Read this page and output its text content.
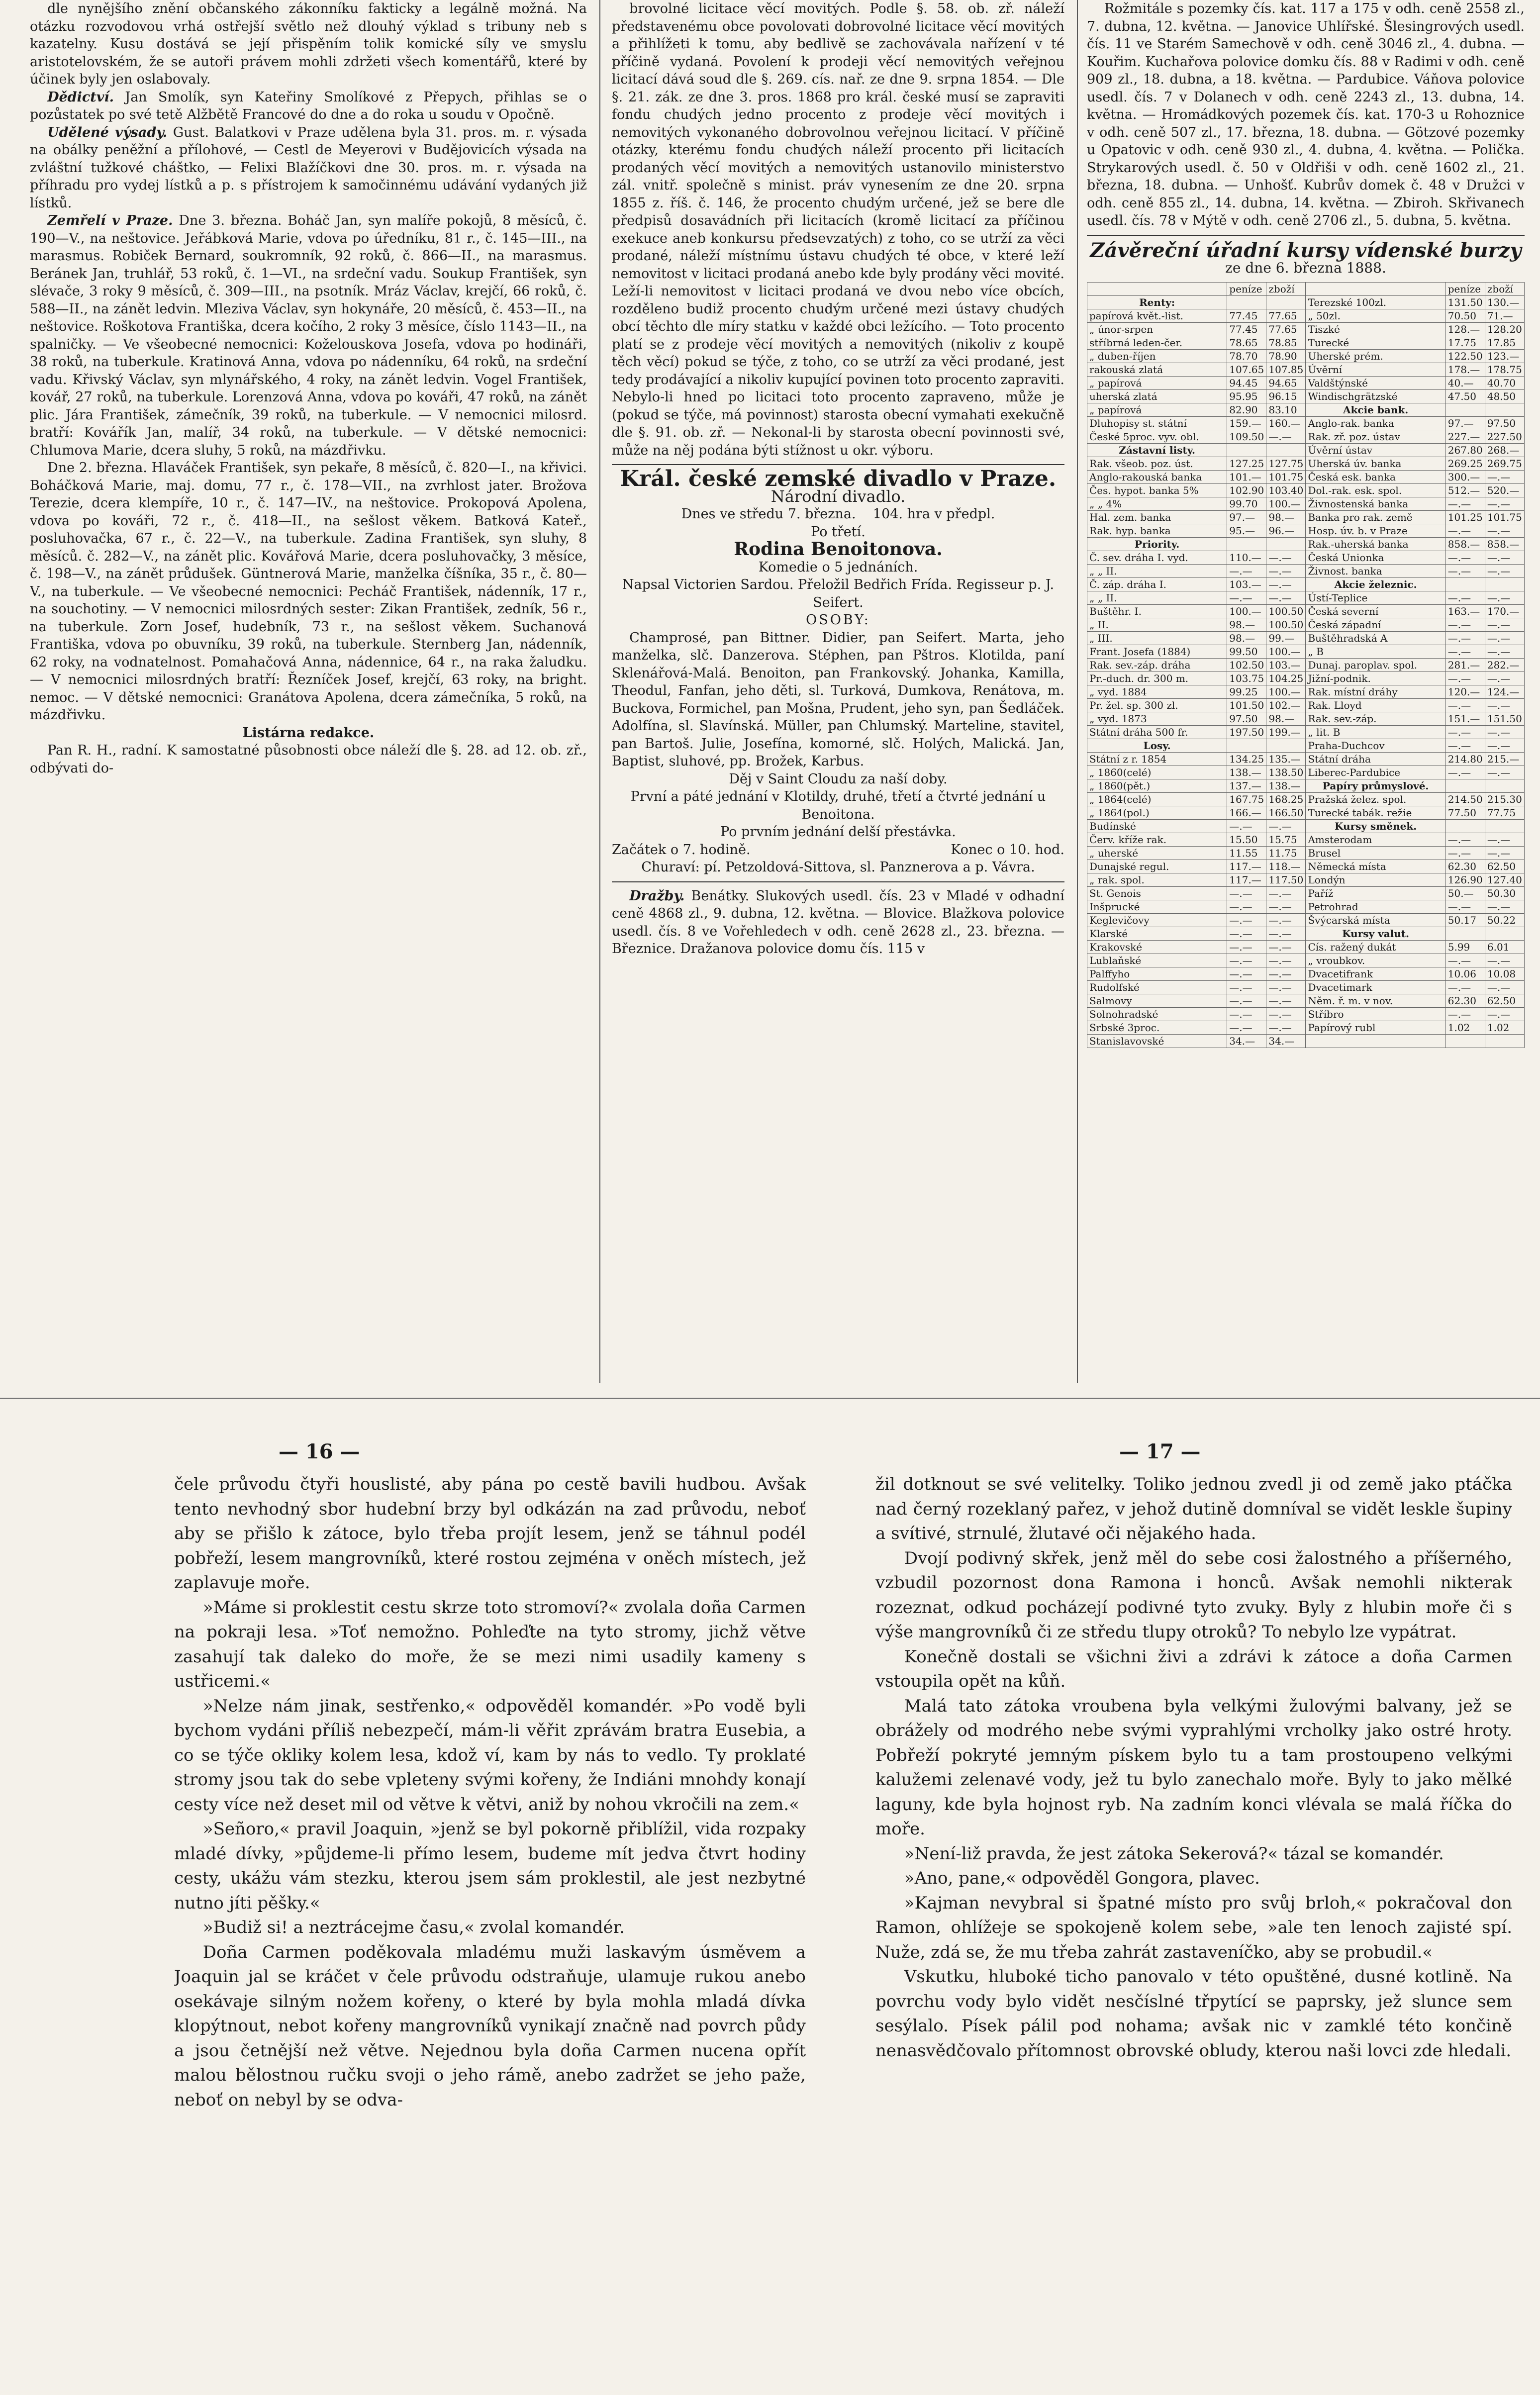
dle nynějšího znění občanského zákonníku fakticky a legálně možná. Na otázku rozvodovou vrhá ostřejší světlo než dlouhý výklad s tribuny neb s kazatelny. Kusu dostává se její přispěním tolik komické síly ve smyslu aristotelovském, že se autoři právem mohli zdržeti všech komentářů, které by účinek byly jen oslabovaly.

Dědictví. Jan Smolík, syn Kateřiny Smolíkové z Přepych, přihlas se o pozůstatek po své tetě Alžbětě Francové do dne a do roka u soudu v Opočně.

Udělené výsady. Gust. Balatkovi v Praze udělena byla 31. pros. m. r. výsada na obálky peněžní a přílohové, — Cestl de Meyerovi v Budějovicích výsada na zvláštní tužkové cháštko, — Felixi Blažíčkovi dne 30. pros. m. r. výsada na příhradu pro vydej lístků a p. s přístrojem k samočinnému udávání vydaných již lístků.

Zemřelí v Praze. Dne 3. března. Boháč Jan, syn malíře pokojů, 8 měsíců, č. 190—V., na neštovice. Jeřábková Marie, vdova po úředníku, 81 r., č. 145—III., na marasmus. Robiček Bernard, soukromník, 92 roků, č. 866—II., na marasmus. Beránek Jan, truhlář, 53 roků, č. 1—VI., na srdeční vadu. Soukup František, syn slévače, 3 roky 9 měsíců, č. 309—III., na psotník. Mráz Václav, krejčí, 66 roků, č. 588—II., na zánět ledvin. Mleziva Václav, syn hokynáře, 20 měsíců, č. 453—II., na neštovice. Roškotova Františka, dcera kočího, 2 roky 3 měsíce, číslo 1143—II., na spalničky. — Ve všeobecné nemocnici: Koželouskova Josefa, vdova po hodináři, 38 roků, na tuberkule. Kratinová Anna, vdova po nádenníku, 64 roků, na srdeční vadu. Křivský Václav, syn mlynářského, 4 roky, na zánět ledvin. Vogel František, kovář, 27 roků, na tuberkule. Lorenzová Anna, vdova po kováři, 47 roků, na zánět plic. Jára František, zámečník, 39 roků, na tuberkule. — V nemocnici milosrd. bratří: Kovářík Jan, malíř, 34 roků, na tuberkule. — V dětské nemocnici: Chlumova Marie, dcera sluhy, 5 roků, na mázdřivku.

Dne 2. března. Hlaváček František, syn pekaře, 8 měsíců, č. 820—I., na křivici. Boháčková Marie, maj. domu, 77 r., č. 178—VII., na zvrhlost jater. Brožova Terezie, dcera klempíře, 10 r., č. 147—IV., na neštovice. Prokopová Apolena, vdova po kováři, 72 r., č. 418—II., na sešlost věkem. Batková Kateř., posluhovačka, 67 r., č. 22—V., na tuberkule. Zadina František, syn sluhy, 8 měsíců. č. 282—V., na zánět plic. Kovářová Marie, dcera posluhovačky, 3 měsíce, č. 198—V., na zánět průdušek. Güntnerová Marie, manželka číšníka, 35 r., č. 80—V., na tuberkule. — Ve všeobecné nemocnici: Pecháč František, nádenník, 17 r., na souchotiny. — V nemocnici milosrdných sester: Zikan František, zedník, 56 r., na tuberkule. Zorn Josef, hudebník, 73 r., na sešlost věkem. Suchanová Františka, vdova po obuvníku, 39 roků, na tuberkule. Sternberg Jan, nádenník, 62 roky, na vodnatelnost. Pomahačová Anna, nádennice, 64 r., na raka žaludku. — V nemocnici milosrdných bratří: Řezníček Josef, krejčí, 63 roky, na bright. nemoc. — V dětské nemocnici: Granátova Apolena, dcera zámečníka, 5 roků, na mázdřivku.

Listárna redakce.

Pan R. H., radní. K samostatné působnosti obce náleží dle §. 28. ad 12. ob. zř., odbývati do-

brovolné licitace věcí movitých. Podle §. 58. ob. zř. náleží představenému obce povolovati dobrovolné licitace věcí movitých a přihlížeti k tomu, aby bedlivě se zachovávala nařízení v té příčině vydaná. Povolení k prodeji věcí nemovitých veřejnou licitací dává soud dle §. 269. cís. nař. ze dne 9. srpna 1854. — Dle §. 21. zák. ze dne 3. pros. 1868 pro král. české musí se zapraviti fondu chudých jedno procento z prodeje věcí movitých i nemovitých vykonaného dobrovolnou veřejnou licitací. V příčině otázky, kterému fondu chudých náleží procento při licitacích prodaných věcí movitých a nemovitých ustanovilo ministerstvo zál. vnitř. společně s minist. práv vynesením ze dne 20. srpna 1855 z. říš. č. 146, že procento chudým určené, jež se bere dle předpisů dosavádních při licitacích (kromě licitací za příčinou exekuce aneb konkursu předsevzatých) z toho, co se utrží za věci prodané, náleží místnímu ústavu chudých té obce, v které leží nemovitost v licitaci prodaná anebo kde byly prodány věci movité. Leží-li nemovitost v licitaci prodaná ve dvou nebo více obcích, rozděleno budiž procento chudým určené mezi ústavy chudých obcí těchto dle míry statku v každé obci ležícího. — Toto procento platí se z prodeje věcí movitých a nemovitých (nikoliv z koupě těch věcí) pokud se týče, z toho, co se utrží za věci prodané, jest tedy prodávající a nikoliv kupující povinen toto procento zapraviti. Nebylo-li hned po licitaci toto procento zapraveno, může je (pokud se týče, má povinnost) starosta obecní vymahati exekučně dle §. 91. ob. zř. — Nekonal-li by starosta obecní povinnosti své, může na něj podána býti stížnost u okr. výboru.

Král. české zemské divadlo v Praze.

Národní divadlo.

Dnes ve středu 7. března. 104. hra v předpl.

Po třetí.

Rodina Benoitonova.

Komedie o 5 jednáních.

Napsal Victorien Sardou. Přeložil Bedřich Frída. Regisseur p. J. Seifert.

OSOBY:

Champrosé, pan Bittner. Didier, pan Seifert. Marta, jeho manželka, slč. Danzerova. Stéphen, pan Pštros. Klotilda, paní Sklenářová-Malá. Benoiton, pan Frankovský. Johanka, Kamilla, Theodul, Fanfan, jeho děti, sl. Turková, Dumkova, Renátova, m. Buckova, Formichel, pan Mošna, Prudent, jeho syn, pan Šedláček. Adolfína, sl. Slavínská. Müller, pan Chlumský. Marteline, stavitel, pan Bartoš. Julie, Josefína, komorné, slč. Holých, Malická. Jan, Baptist, sluhové, pp. Brožek, Karbus.

Děj v Saint Cloudu za naší doby.

První a páté jednání v Klotildy, druhé, třetí a čtvrté jednání u Benoitona.

Po prvním jednání delší přestávka.

Začátek o 7. hodině.	Konec o 10. hod.

Churaví: pí. Petzoldová-Sittova, sl. Panznerova a p. Vávra.

Dražby. Benátky. Slukových usedl. čís. 23 v Mladé v odhadní ceně 4868 zl., 9. dubna, 12. května. — Blovice. Blažkova polovice usedl. čís. 8 ve Vořehledech v odh. ceně 2628 zl., 23. března. — Březnice. Dražanova polovice domu čís. 115 v

Rožmitále s pozemky čís. kat. 117 a 175 v odh. ceně 2558 zl., 7. dubna, 12. května. — Janovice Uhlířské. Šlesingrových usedl. čís. 11 ve Starém Samechově v odh. ceně 3046 zl., 4. dubna. — Kouřim. Kuchařova polovice domku čís. 88 v Radimi v odh. ceně 909 zl., 18. dubna, a 18. května. — Pardubice. Váňova polovice usedl. čís. 7 v Dolanech v odh. ceně 2243 zl., 13. dubna, 14. května. — Hromádkových pozemek čís. kat. 170-3 u Rohoznice v odh. ceně 507 zl., 17. března, 18. dubna. — Götzové pozemky u Opatovic v odh. ceně 930 zl., 4. dubna, 4. května. — Polička. Strykarových usedl. č. 50 v Oldřiši v odh. ceně 1602 zl., 21. března, 18. dubna. — Unhošť. Kubrův domek č. 48 v Družci v odh. ceně 855 zl., 14. dubna, 14. května. — Zbiroh. Skřivanech usedl. čís. 78 v Mýtě v odh. ceně 2706 zl., 5. dubna, 5. května.

Závěreční úřadní kursy vídenské burzy
ze dne 6. března 1888.
	peníze	zboží		peníze	zboží
Renty:			Terezské 100zl.	131.50	130.—
papírová květ.-list.	77.45	77.65	„ 50zl.	70.50	71.—
„ únor-srpen	77.45	77.65	Tiszké	128.—	128.20
stříbrná leden-čer.	78.65	78.85	Turecké	17.75	17.85
„ duben-říjen	78.70	78.90	Uherské prém.	122.50	123.—
rakouská zlatá	107.65	107.85	Úvěrní	178.—	178.75
„ papírová	94.45	94.65	Valdštýnské	40.—	40.70
uherská zlatá	95.95	96.15	Windischgrätzské	47.50	48.50
„ papírová	82.90	83.10	Akcie bank.		
Dluhopisy st. státní	159.—	160.—	Anglo-rak. banka	97.—	97.50
České 5proc. vyv. obl.	109.50	—.—	Rak. zř. poz. ústav	227.—	227.50
Zástavní listy.			Úvěrní ústav	267.80	268.—
Rak. všeob. poz. úst.	127.25	127.75	Uherská úv. banka	269.25	269.75
Anglo-rakouská banka	101.—	101.75	Česká esk. banka	300.—	—.—
Čes. hypot. banka 5%	102.90	103.40	Dol.-rak. esk. spol.	512.—	520.—
„ „ 4%	99.70	100.—	Živnostenská banka	—.—	—.—
Hal. zem. banka	97.—	98.—	Banka pro rak. země	101.25	101.75
Rak. hyp. banka	95.—	96.—	Hosp. úv. b. v Praze	—.—	—.—
Priority.			Rak.-uherská banka	858.—	858.—
Č. sev. dráha I. vyd.	110.—	—.—	Česká Unionka	—.—	—.—
„ „ II.	—.—	—.—	Živnost. banka	—.—	—.—
Č. záp. dráha I.	103.—	—.—	Akcie železnic.		
„ „ II.	—.—	—.—	Ústí-Teplice	—.—	—.—
Buštěhr. I.	100.—	100.50	Česká severní	163.—	170.—
„ II.	98.—	100.50	Česká západní	—.—	—.—
„ III.	98.—	99.—	Buštěhradská A	—.—	—.—
Frant. Josefa (1884)	99.50	100.—	„ B	—.—	—.—
Rak. sev.-záp. dráha	102.50	103.—	Dunaj. paroplav. spol.	281.—	282.—
Pr.-duch. dr. 300 m.	103.75	104.25	Jižní-podnik.	—.—	—.—
„ vyd. 1884	99.25	100.—	Rak. místní dráhy	120.—	124.—
Pr. žel. sp. 300 zl.	101.50	102.—	Rak. Lloyd	—.—	—.—
„ vyd. 1873	97.50	98.—	Rak. sev.-záp.	151.—	151.50
Státní dráha 500 fr.	197.50	199.—	„ lit. B	—.—	—.—
Losy.			Praha-Duchcov	—.—	—.—
Státní z r. 1854	134.25	135.—	Státní dráha	214.80	215.—
„ 1860(celé)	138.—	138.50	Liberec-Pardubice	—.—	—.—
„ 1860(pět.)	137.—	138.—	Papíry průmyslové.		
„ 1864(celé)	167.75	168.25	Pražská želez. spol.	214.50	215.30
„ 1864(pol.)	166.—	166.50	Turecké tabák. režie	77.50	77.75
Budínské	—.—	—.—	Kursy směnek.		
Červ. kříže rak.	15.50	15.75	Amsterodam	—.—	—.—
„ uherské	11.55	11.75	Brusel	—.—	—.—
Dunajské regul.	117.—	118.—	Německá místa	62.30	62.50
„ rak. spol.	117.—	117.50	Londýn	126.90	127.40
St. Genois	—.—	—.—	Paříž	50.—	50.30
Inšprucké	—.—	—.—	Petrohrad	—.—	—.—
Keglevičovy	—.—	—.—	Švýcarská místa	50.17	50.22
Klarské	—.—	—.—	Kursy valut.		
Krakovské	—.—	—.—	Cís. ražený dukát	5.99	6.01
Lublaňské	—.—	—.—	„ vroubkov.	—.—	—.—
Palffyho	—.—	—.—	Dvacetifrank	10.06	10.08
Rudolfské	—.—	—.—	Dvacetimark	—.—	—.—
Salmovy	—.—	—.—	Něm. ř. m. v nov.	62.30	62.50
Solnohradské	—.—	—.—	Stříbro	—.—	—.—
Srbské 3proc.	—.—	—.—	Papírový rubl	1.02	1.02
Stanislavovské	34.—	34.—			
— 16 —	— 17 —

čele průvodu čtyři houslisté, aby pána po cestě bavili hudbou. Avšak tento nevhodný sbor hudební brzy byl odkázán na zad průvodu, neboť aby se přišlo k zátoce, bylo třeba projít lesem, jenž se táhnul podél pobřeží, lesem mangrovníků, které rostou zejména v oněch místech, jež zaplavuje moře.

»Máme si proklestit cestu skrze toto stromoví?« zvolala doña Carmen na pokraji lesa. »Toť nemožno. Pohleďte na tyto stromy, jichž větve zasahují tak daleko do moře, že se mezi nimi usadily kameny s ustřicemi.«

»Nelze nám jinak, sestřenko,« odpověděl komandér. »Po vodě byli bychom vydáni příliš nebezpečí, mám-li věřit zprávám bratra Eusebia, a co se týče okliky kolem lesa, kdož ví, kam by nás to vedlo. Ty proklaté stromy jsou tak do sebe vpleteny svými kořeny, že Indiáni mnohdy konají cesty více než deset mil od větve k větvi, aniž by nohou vkročili na zem.«

»Señoro,« pravil Joaquin, »jenž se byl pokorně přiblížil, vida rozpaky mladé dívky, »půjdeme-li přímo lesem, budeme mít jedva čtvrt hodiny cesty, ukážu vám stezku, kterou jsem sám proklestil, ale jest nezbytné nutno jíti pěšky.«

»Budiž si! a neztrácejme času,« zvolal komandér.

Doña Carmen poděkovala mladému muži laskavým úsměvem a Joaquin jal se kráčet v čele průvodu odstraňuje, ulamuje rukou anebo osekávaje silným nožem kořeny, o které by byla mohla mladá dívka klopýtnout, nebot kořeny mangrovníků vynikají značně nad povrch půdy a jsou četnější než větve. Nejednou byla doña Carmen nucena opřít malou bělostnou ručku svoji o jeho rámě, anebo zadržet se jeho paže, neboť on nebyl by se odva-

žil dotknout se své velitelky. Toliko jednou zvedl ji od země jako ptáčka nad černý rozeklaný pařez, v jehož dutině domníval se vidět leskle šupiny a svítivé, strnulé, žlutavé oči nějakého hada.

Dvojí podivný skřek, jenž měl do sebe cosi žalostného a příšerného, vzbudil pozornost dona Ramona i honců. Avšak nemohli nikterak rozeznat, odkud pocházejí podivné tyto zvuky. Byly z hlubin moře či s výše mangrovníků či ze středu tlupy otroků? To nebylo lze vypátrat.

Konečně dostali se všichni živi a zdrávi k zátoce a doña Carmen vstoupila opět na kůň.

Malá tato zátoka vroubena byla velkými žulovými balvany, jež se obrážely od modrého nebe svými vyprahlými vrcholky jako ostré hroty. Pobřeží pokryté jemným pískem bylo tu a tam prostoupeno velkými kalužemi zelenavé vody, jež tu bylo zanechalo moře. Byly to jako mělké laguny, kde byla hojnost ryb. Na zadním konci vlévala se malá říčka do moře.

»Není-liž pravda, že jest zátoka Sekerová?« tázal se komandér.

»Ano, pane,« odpověděl Gongora, plavec.

»Kajman nevybral si špatné místo pro svůj brloh,« pokračoval don Ramon, ohlížeje se spokojeně kolem sebe, »ale ten lenoch zajisté spí. Nuže, zdá se, že mu třeba zahrát zastaveníčko, aby se probudil.«

Vskutku, hluboké ticho panovalo v této opuštěné, dusné kotlině. Na povrchu vody bylo vidět nesčíslné třpytící se paprsky, jež slunce sem sesýlalo. Písek pálil pod nohama; avšak nic v zamklé této končině nenasvědčovalo přítomnost obrovské obludy, kterou naši lovci zde hledali.
